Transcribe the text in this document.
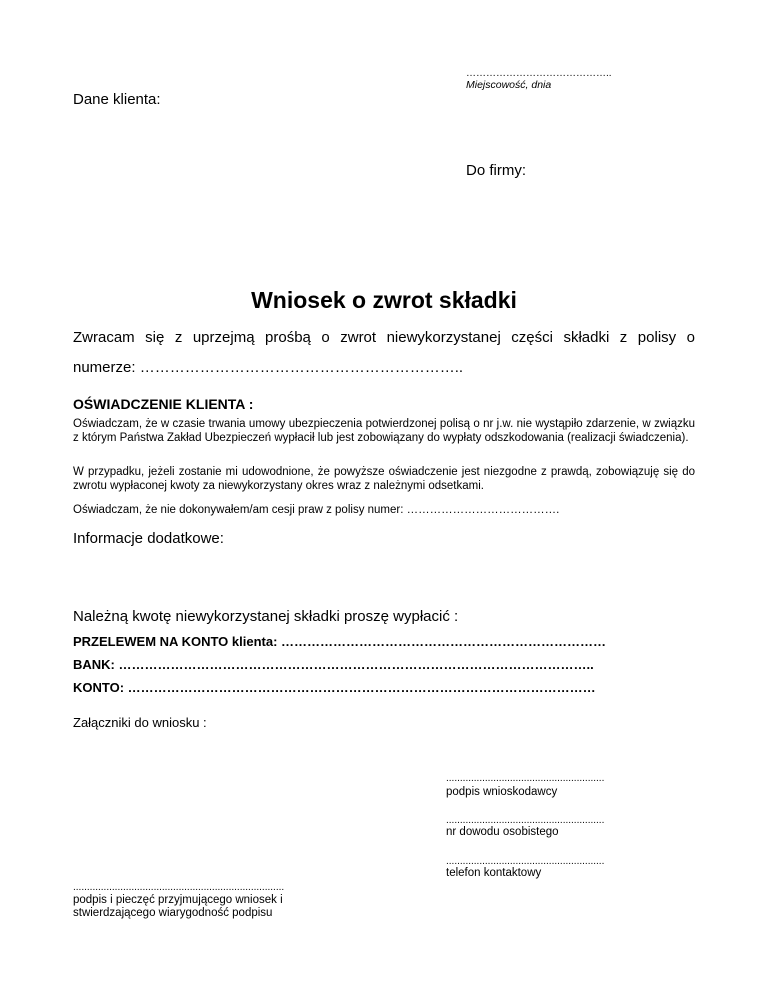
……………………………………..
Miejscowość, dnia
Dane klienta:
Do firmy:
Wniosek o zwrot składki
Zwracam się z uprzejmą prośbą o zwrot niewykorzystanej części składki z polisy o
numerze: ………………………………………………………..
OŚWIADCZENIE KLIENTA :
Oświadczam, że w czasie trwania umowy ubezpieczenia potwierdzonej polisą o nr j.w. nie wystąpiło zdarzenie, w związku z którym Państwa Zakład Ubezpieczeń wypłacił lub jest zobowiązany do wypłaty odszkodowania (realizacji świadczenia).
W przypadku, jeżeli zostanie mi udowodnione, że powyższe oświadczenie jest niezgodne z prawdą, zobowiązuję się do zwrotu wypłaconej kwoty za niewykorzystany okres wraz z należnymi odsetkami.
Oświadczam, że nie dokonywałem/am cesji praw z polisy numer: ………………………………….
Informacje dodatkowe:
Należną kwotę niewykorzystanej składki proszę wypłacić :
PRZELEWEM NA KONTO klienta: …………………………………………………………………
BANK: ………………………………………………………………………………………………..
KONTO: ………………………………………………………………………………………………
Załączniki do wniosku :
.........................................................
podpis wnioskodawcy
.........................................................
nr dowodu osobistego
.........................................................
telefon kontaktowy
............................................................................
podpis i pieczęć przyjmującego wniosek i
stwierdzającego wiarygodność podpisu
